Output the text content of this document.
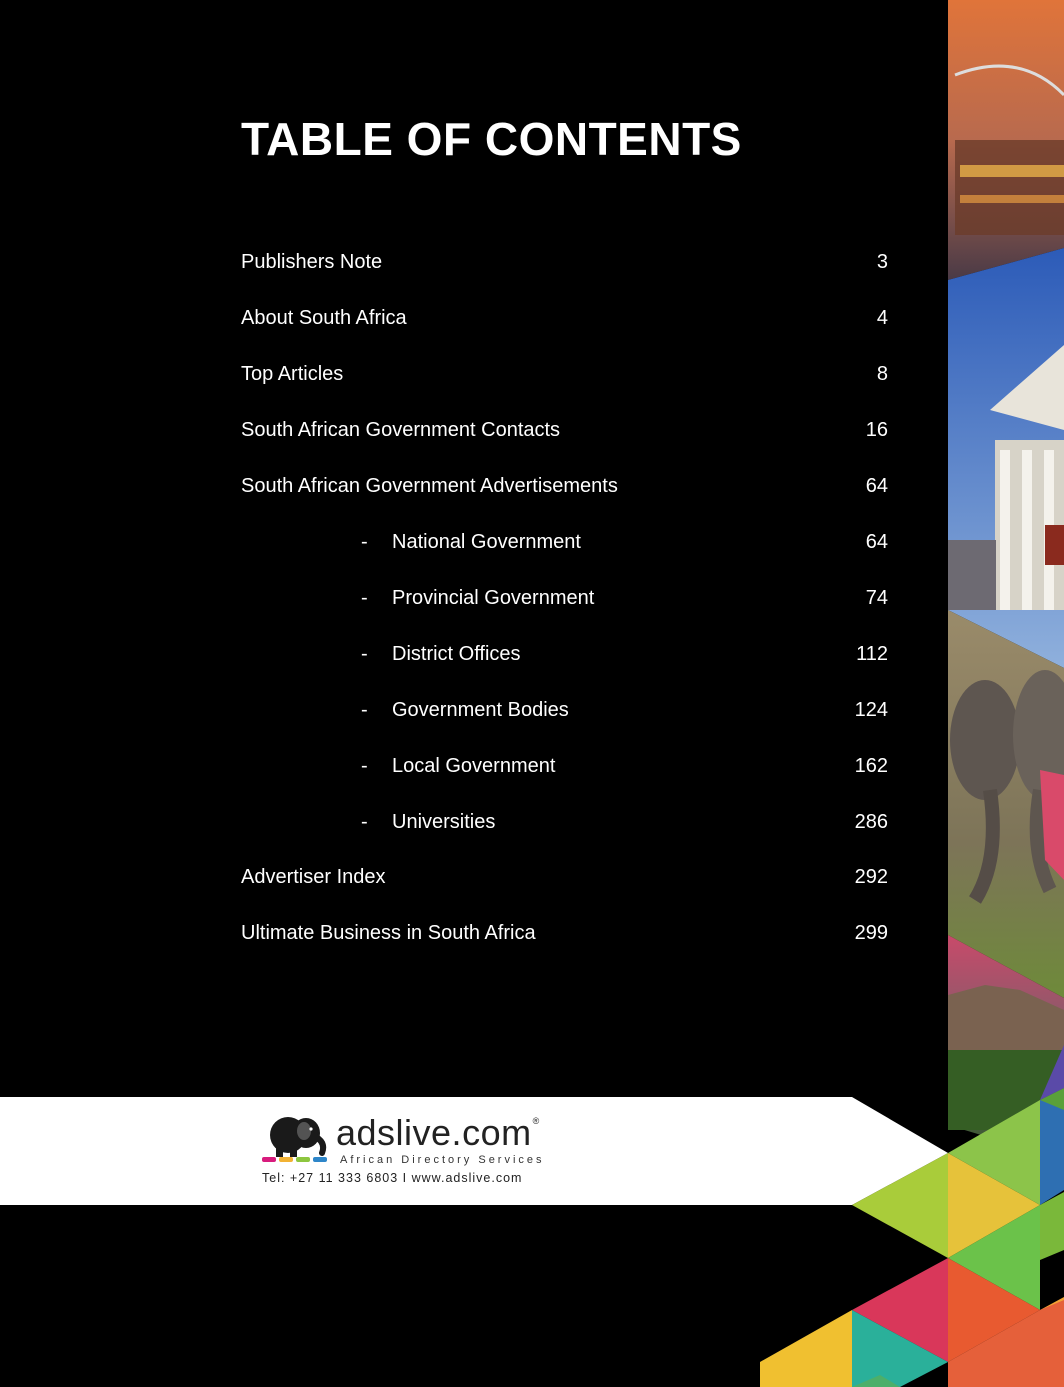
TABLE OF CONTENTS
Publishers Note	3
About South Africa	4
Top Articles	8
South African Government Contacts	16
South African Government Advertisements	64
- National Government	64
- Provincial Government	74
- District Offices	112
- Government Bodies	124
- Local Government	162
- Universities	286
Advertiser Index	292
Ultimate Business in South Africa	299
adslive.com®
African Directory Services
Tel: +27 11 333 6803 I www.adslive.com
